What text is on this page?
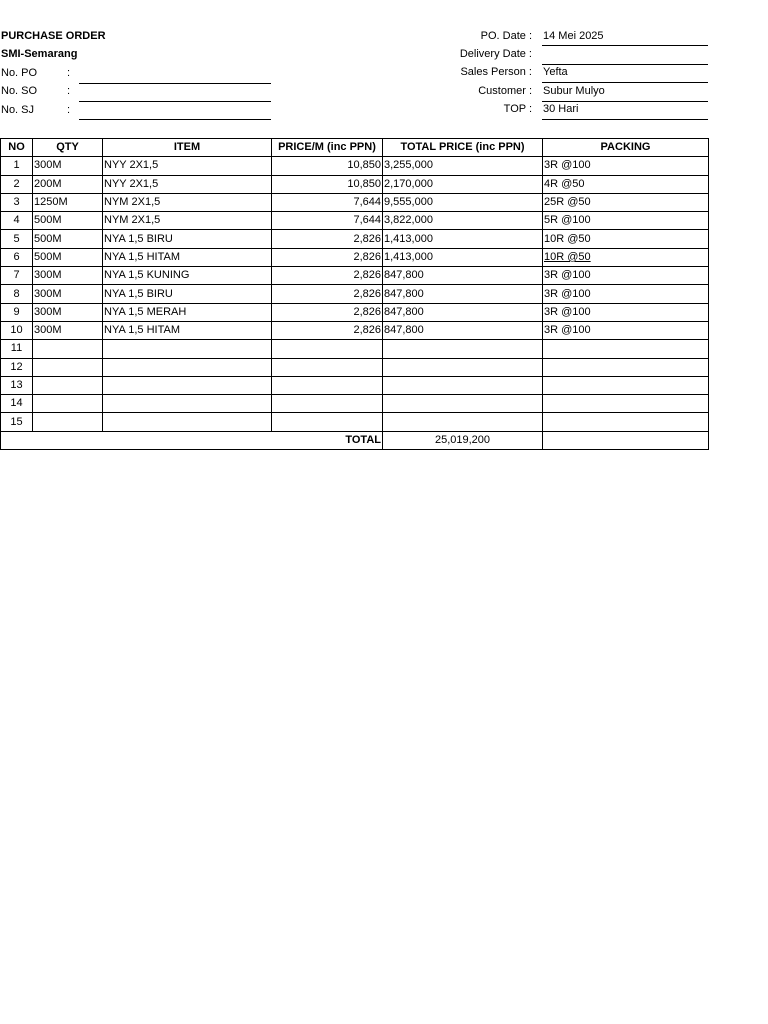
PURCHASE ORDER
SMI-Semarang
No. PO	:
No. SO	:
No. SJ	:
PO. Date : 14 Mei 2025
Delivery Date :
Sales Person : Yefta
Customer : Subur Mulyo
TOP : 30 Hari
NO	QTY	ITEM	PRICE/M (inc PPN)	TOTAL PRICE (inc PPN)	PACKING
1	300M	NYY 2X1,5	10,850	3,255,000	3R @100
2	200M	NYY 2X1,5	10,850	2,170,000	4R @50
3	1250M	NYM 2X1,5	7,644	9,555,000	25R @50
4	500M	NYM 2X1,5	7,644	3,822,000	5R @100
5	500M	NYA 1,5 BIRU	2,826	1,413,000	10R @50
6	500M	NYA 1,5 HITAM	2,826	1,413,000	10R @50
7	300M	NYA 1,5 KUNING	2,826	847,800	3R @100
8	300M	NYA 1,5 BIRU	2,826	847,800	3R @100
9	300M	NYA 1,5 MERAH	2,826	847,800	3R @100
10	300M	NYA 1,5 HITAM	2,826	847,800	3R @100
11					
12					
13					
14					
15					
TOTAL				25,019,200	
